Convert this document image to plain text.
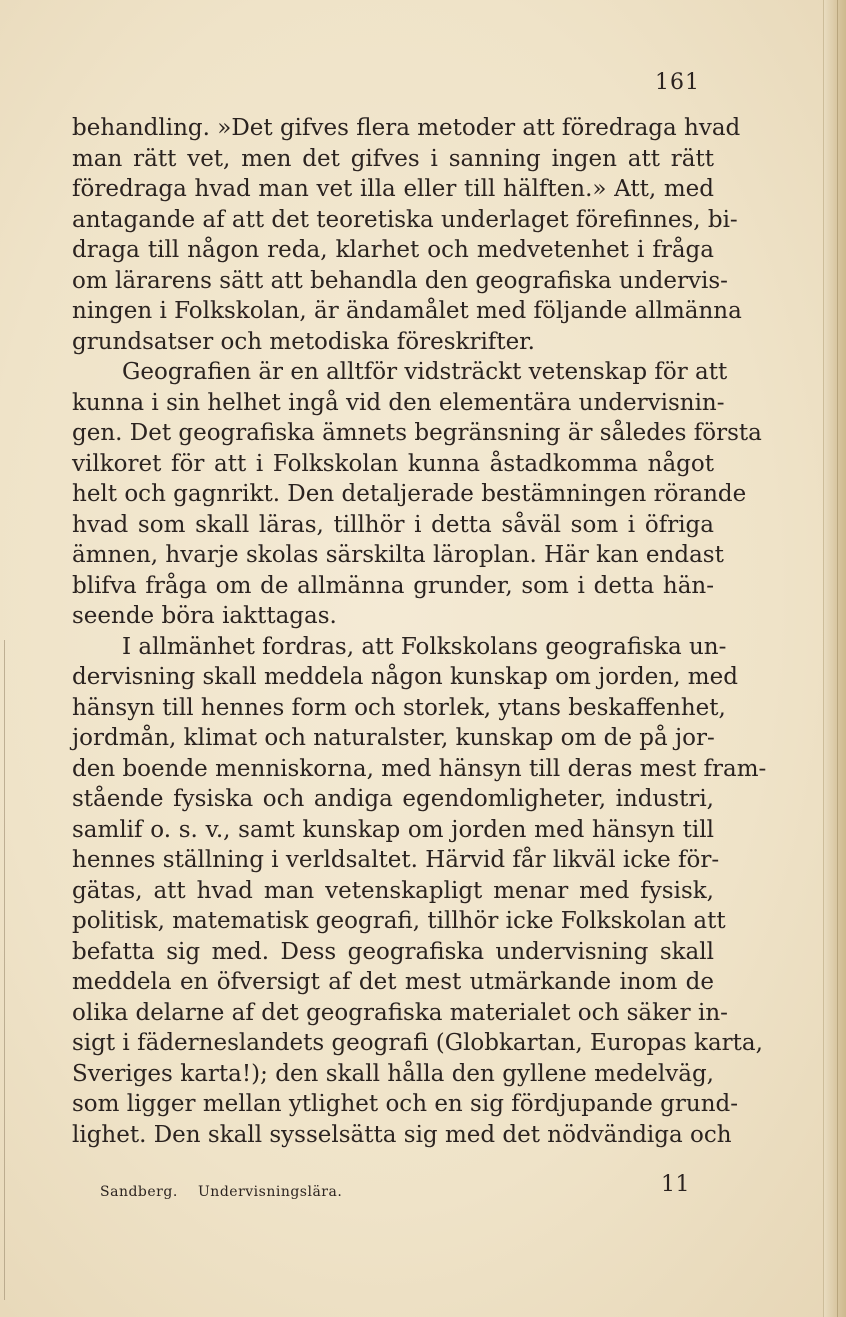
161
behandling. »Det gifves flera metoder att föredraga hvad
man rätt vet, men det gifves i sanning ingen att rätt
föredraga hvad man vet illa eller till hälften.» Att, med
antagande af att det teoretiska underlaget förefinnes, bi-
draga till någon reda, klarhet och medvetenhet i fråga
om lärarens sätt att behandla den geografiska undervis-
ningen i Folkskolan, är ändamålet med följande allmänna
grundsatser och metodiska föreskrifter.
Geografien är en alltför vidsträckt vetenskap för att
kunna i sin helhet ingå vid den elementära undervisnin-
gen. Det geografiska ämnets begränsning är således första
vilkoret för att i Folkskolan kunna åstadkomma något
helt och gagnrikt. Den detaljerade bestämningen rörande
hvad som skall läras, tillhör i detta såväl som i öfriga
ämnen, hvarje skolas särskilta läroplan. Här kan endast
blifva fråga om de allmänna grunder, som i detta hän-
seende böra iakttagas.
I allmänhet fordras, att Folkskolans geografiska un-
dervisning skall meddela någon kunskap om jorden, med
hänsyn till hennes form och storlek, ytans beskaffenhet,
jordmån, klimat och naturalster, kunskap om de på jor-
den boende menniskorna, med hänsyn till deras mest fram-
stående fysiska och andiga egendomligheter, industri,
samlif o. s. v., samt kunskap om jorden med hänsyn till
hennes ställning i verldsaltet. Härvid får likväl icke för-
gätas, att hvad man vetenskapligt menar med fysisk,
politisk, matematisk geografi, tillhör icke Folkskolan att
befatta sig med. Dess geografiska undervisning skall
meddela en öfversigt af det mest utmärkande inom de
olika delarne af det geografiska materialet och säker in-
sigt i fäderneslandets geografi (Globkartan, Europas karta,
Sveriges karta!); den skall hålla den gyllene medelväg,
som ligger mellan ytlighet och en sig fördjupande grund-
lighet. Den skall sysselsätta sig med det nödvändiga och
Sandberg. Undervisningslära.	11
